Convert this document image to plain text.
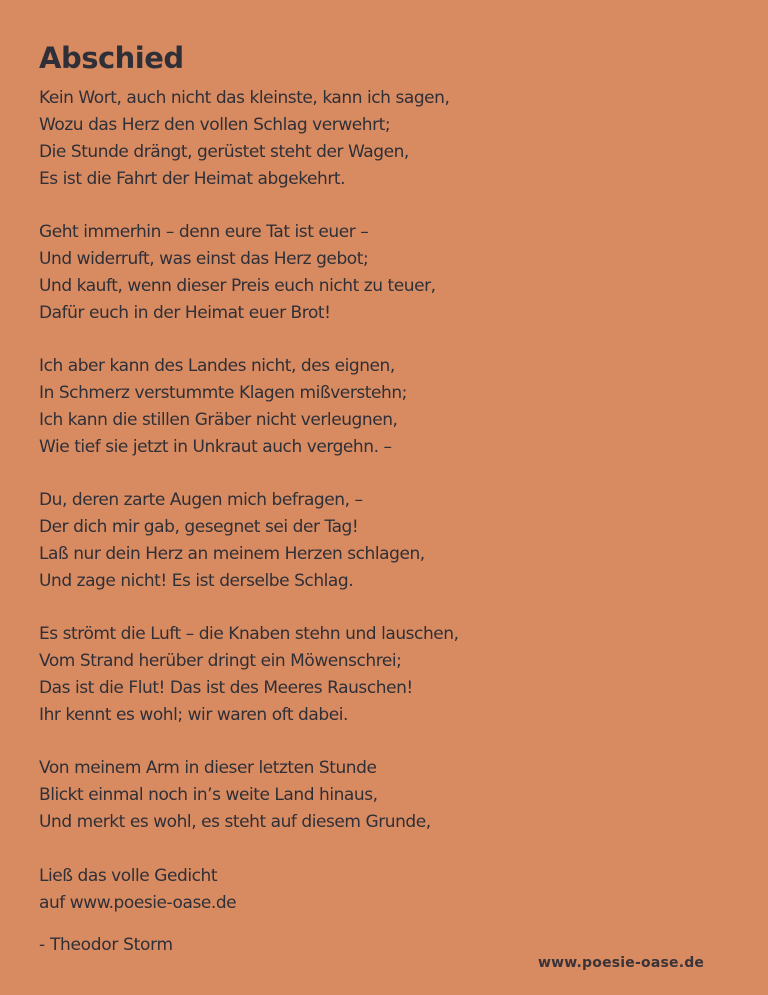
Abschied
Kein Wort, auch nicht das kleinste, kann ich sagen,
Wozu das Herz den vollen Schlag verwehrt;
Die Stunde drängt, gerüstet steht der Wagen,
Es ist die Fahrt der Heimat abgekehrt.
Geht immerhin – denn eure Tat ist euer –
Und widerruft, was einst das Herz gebot;
Und kauft, wenn dieser Preis euch nicht zu teuer,
Dafür euch in der Heimat euer Brot!
Ich aber kann des Landes nicht, des eignen,
In Schmerz verstummte Klagen mißverstehn;
Ich kann die stillen Gräber nicht verleugnen,
Wie tief sie jetzt in Unkraut auch vergehn. –
Du, deren zarte Augen mich befragen, –
Der dich mir gab, gesegnet sei der Tag!
Laß nur dein Herz an meinem Herzen schlagen,
Und zage nicht! Es ist derselbe Schlag.
Es strömt die Luft – die Knaben stehn und lauschen,
Vom Strand herüber dringt ein Möwenschrei;
Das ist die Flut! Das ist des Meeres Rauschen!
Ihr kennt es wohl; wir waren oft dabei.
Von meinem Arm in dieser letzten Stunde
Blickt einmal noch in’s weite Land hinaus,
Und merkt es wohl, es steht auf diesem Grunde,
Ließ das volle Gedicht
auf www.poesie-oase.de
- Theodor Storm
www.poesie-oase.de
